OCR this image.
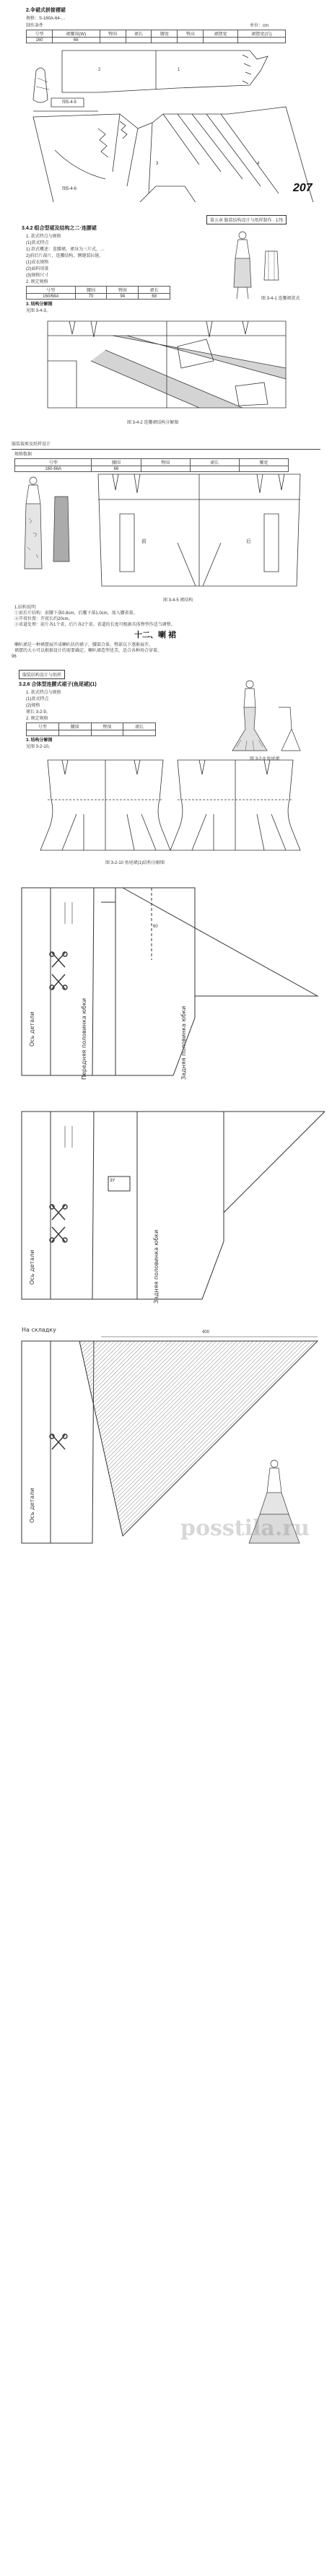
2.伞裙式拼接褶裙
规格：S-160A-64-…
制作条件	单位：cm
号型	裙腰围(W)	臀围	裙长	腰宽	臀高	裙摆宽	裙摆宽(后)
160	66						
1
2
3	4
图5-4-5
图5-4-6	207
第五章 服装结构设计与纸样制作 · 175
3.4.2 组合型裙及结构之二·连腰裙
1. 款式特点与规格
(1)款式特点
1) 款式概述：连腰裙，裙身为三片式，…
2)前后片裁片，连腰结构，侧缝装拉链。
(1)成衣规格
(2)面料用量
(3)规格尺寸
2. 规定规格
号型	腰围	臀围	裙长
160/68A	70	94	68
3. 结构分解图
见图 3-4-3。
图 3-4-1 连腰裙款式
图 3-4-2 连腰裙结构分解图
服装裁剪及纸样设计
规格数据
号型	腰围	臀围	裙长	腰宽
160-66A	66			
前	后
图 3-4-5 裙结构
1.结构说明:
①前后片结构：前腰下落0.8cm，后腰下落1.0cm，加入腰省量。
②开衩位置：开衩长约20cm。
③省道处理：前片各1个省，后片各2个省。省道的长度可根据具体臀型作适当调整。
十二、喇 裙
喇叭裙是一种裙摆展开成喇叭状的裙子，腰部合体、臀部以下逐渐展开，
裙摆的大小可以根据设计的需要确定。喇叭裙造型优美，适合各种场合穿着，
96
服装结构设计与纸样
3.2.6 合体型连腰式裙子(鱼尾裙)(1)
1. 款式特点与规格
(1)款式特点
(2)规格
裙长 3-2-9。
2. 规定规格
号型	腰围	臀围	裙长

3. 结构分解图
见图 3-2-10。
图 3-2-9 鱼尾裙
图 3-2-10 鱼尾裙(1)结构分解图
Ось детали	Передняя половинка юбки	Задняя половинка юбки
60
Ось детали	Задняя половинка юбки
3У
На складку
Ось детали
400
posstila.ru
